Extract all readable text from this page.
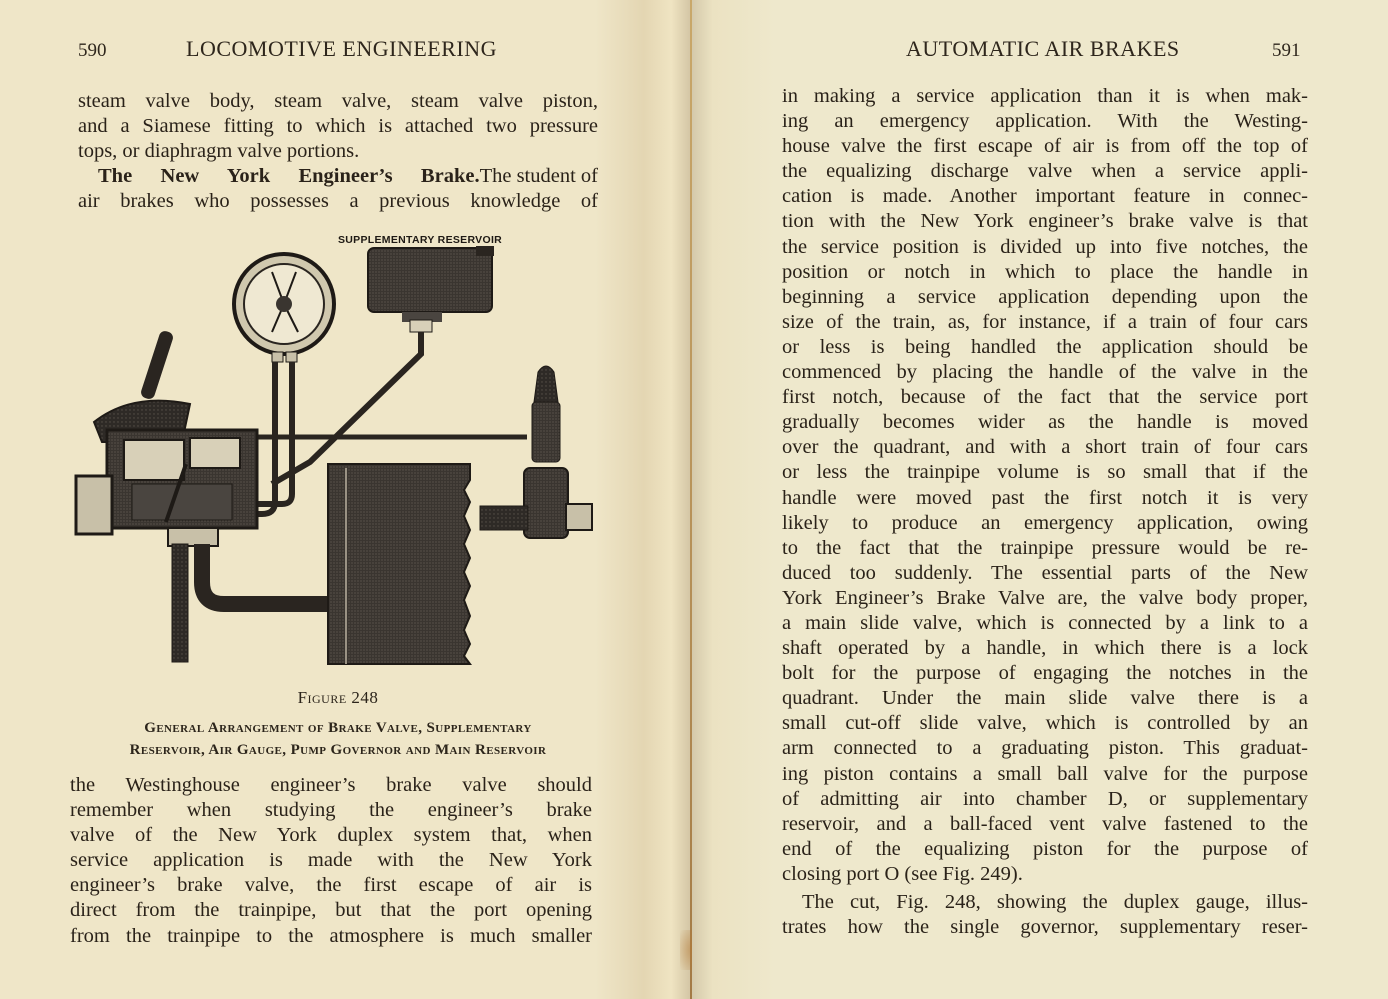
590	LOCOMOTIVE ENGINEERING
steam valve body, steam valve, steam valve piston,
and a Siamese fitting to which is attached two pressure
tops, or diaphragm valve portions.
The New York Engineer’s Brake. The student of
air brakes who possesses a previous knowledge of
SUPPLEMENTARY RESERVOIR
Figure 248
General Arrangement of Brake Valve, Supplementary
Reservoir, Air Gauge, Pump Governor and Main Reservoir
the Westinghouse engineer’s brake valve should
remember when studying the engineer’s brake
valve of the New York duplex system that, when
service application is made with the New York
engineer’s brake valve, the first escape of air is
direct from the trainpipe, but that the port opening
from the trainpipe to the atmosphere is much smaller
AUTOMATIC AIR BRAKES	591
in making a service application than it is when mak-
ing an emergency application. With the Westing-
house valve the first escape of air is from off the top of
the equalizing discharge valve when a service appli-
cation is made. Another important feature in connec-
tion with the New York engineer’s brake valve is that
the service position is divided up into five notches, the
position or notch in which to place the handle in
beginning a service application depending upon the
size of the train, as, for instance, if a train of four cars
or less is being handled the application should be
commenced by placing the handle of the valve in the
first notch, because of the fact that the service port
gradually becomes wider as the handle is moved
over the quadrant, and with a short train of four cars
or less the trainpipe volume is so small that if the
handle were moved past the first notch it is very
likely to produce an emergency application, owing
to the fact that the trainpipe pressure would be re-
duced too suddenly. The essential parts of the New
York Engineer’s Brake Valve are, the valve body proper,
a main slide valve, which is connected by a link to a
shaft operated by a handle, in which there is a lock
bolt for the purpose of engaging the notches in the
quadrant. Under the main slide valve there is a
small cut-off slide valve, which is controlled by an
arm connected to a graduating piston. This graduat-
ing piston contains a small ball valve for the purpose
of admitting air into chamber D, or supplementary
reservoir, and a ball-faced vent valve fastened to the
end of the equalizing piston for the purpose of
closing port O (see Fig. 249).
The cut, Fig. 248, showing the duplex gauge, illus-
trates how the single governor, supplementary reser-
